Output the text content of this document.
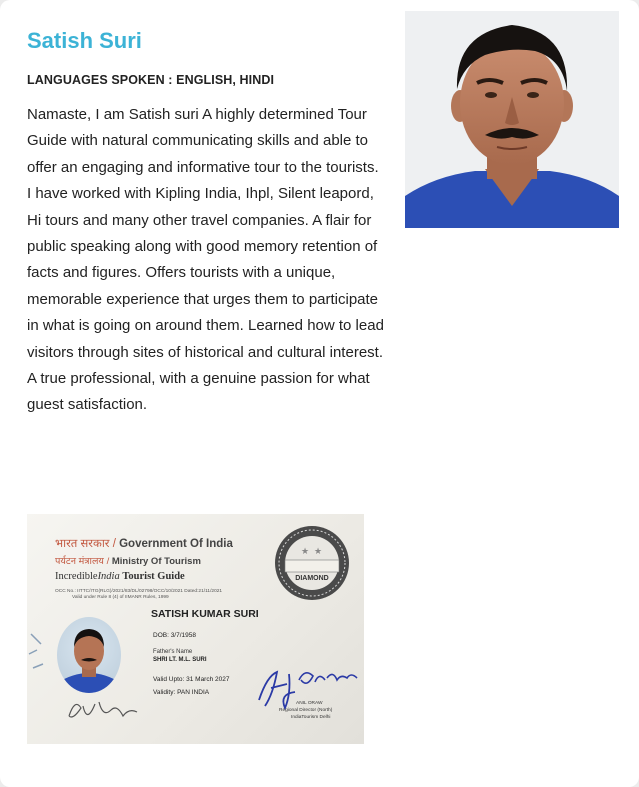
Satish Suri
LANGUAGES SPOKEN : ENGLISH, HINDI
Namaste, I am Satish suri A highly determined Tour Guide with natural communicating skills and able to offer an engaging and informative tour to the tourists. I have worked with Kipling India, Ihpl, Silent leapord, Hi tours and many other travel companies. A flair for public speaking along with good memory retention of facts and figures. Offers tourists with a unique, memorable experience that urges them to participate in what is going on around them. Learned how to lead visitors through sites of historical and cultural interest. A true professional, with a genuine passion for what guest satisfaction.
भारत सरकार / Government Of India
पर्यटन मंत्रालय / Ministry Of Tourism
IncredibleIndia Tourist Guide
OCC No.: IITTC/ITG(RLG)/2021/83/DL/02798/OCC/10/2021 Dated:21/11/2021
Valid under Rule 8 (4) of IIMANR Rules, 1999
★ ★
DIAMOND
SATISH KUMAR SURI
DOB: 3/7/1958
Father's Name
SHRI LT. M.L. SURI
Valid Upto: 31 March 2027
Validity: PAN INDIA
ANIL ORAW
Regional Director (North)
IndiaTourism Delhi
